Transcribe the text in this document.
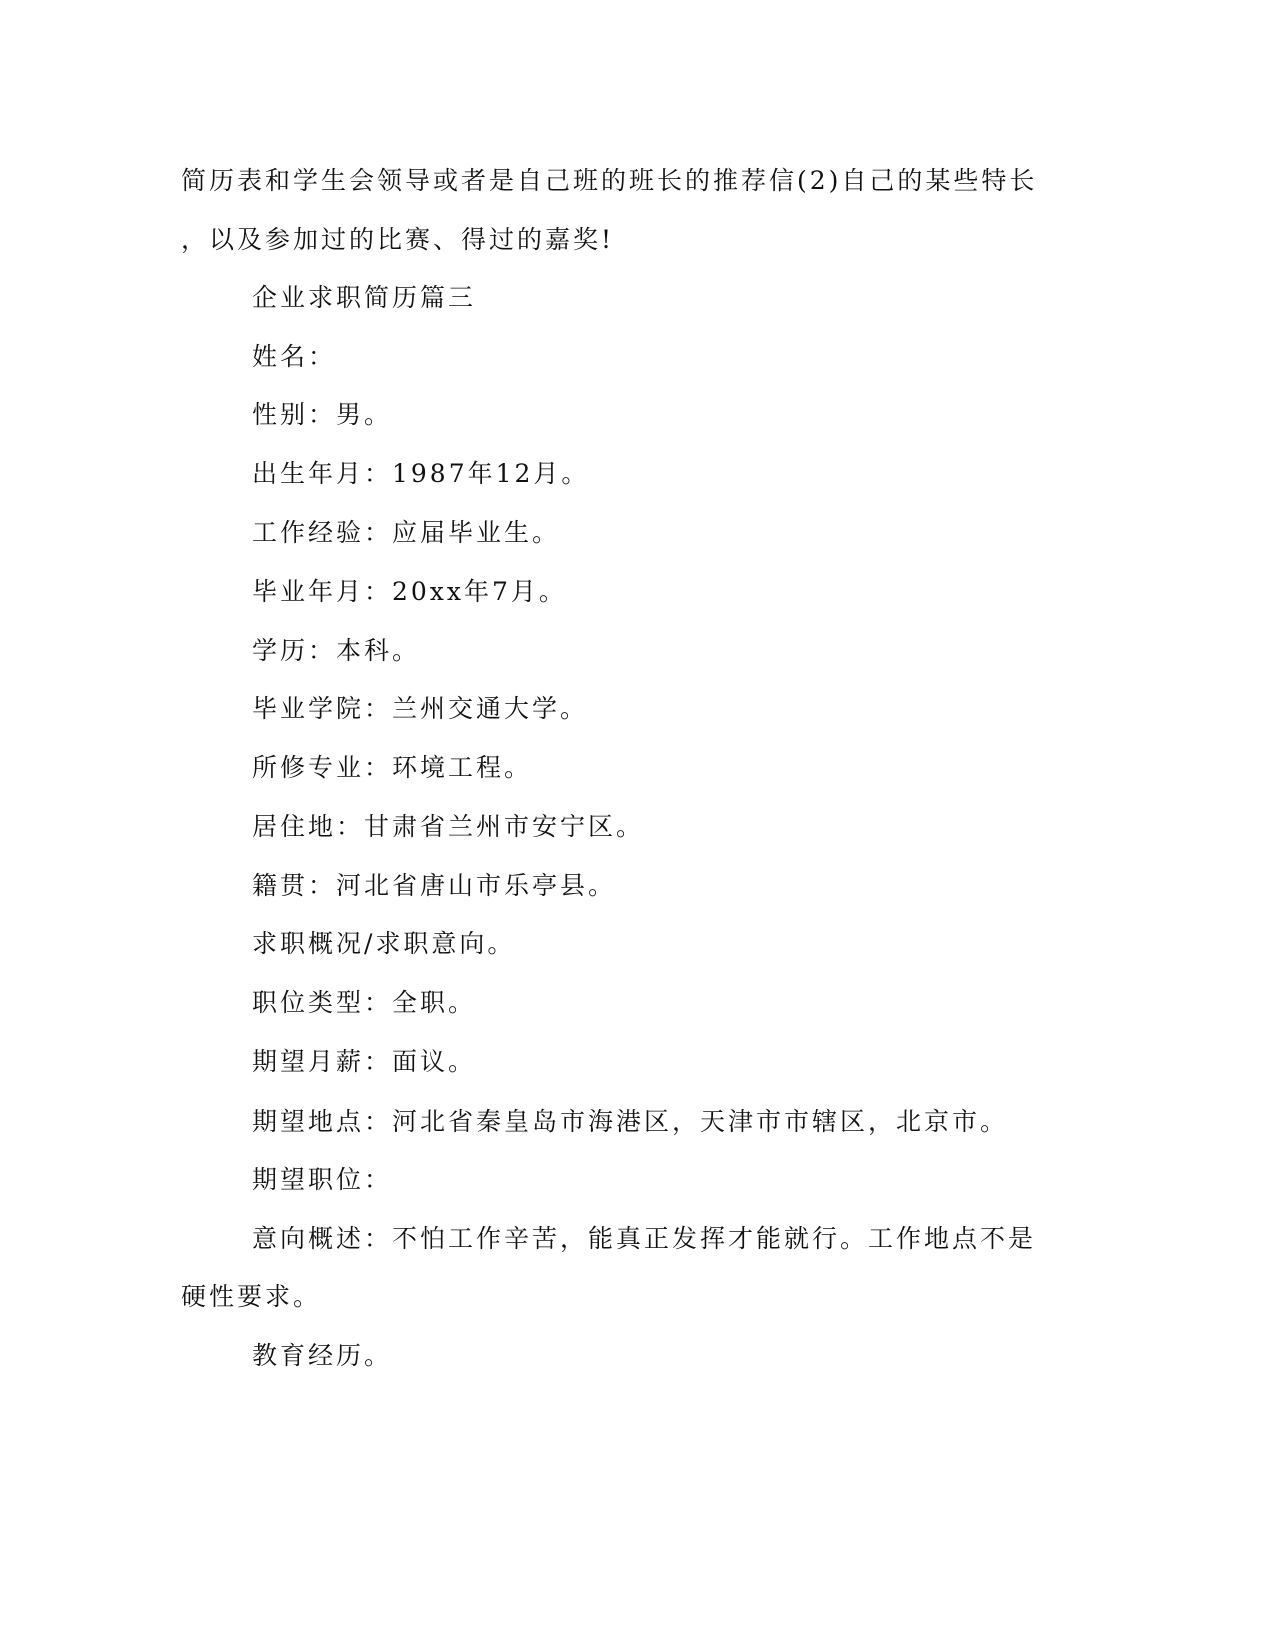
简历表和学生会领导或者是自己班的班长的推荐信(2)自己的某些特长
，以及参加过的比赛、得过的嘉奖!
企业求职简历篇三
姓名：
性别：男。
出生年月：1987年12月。
工作经验：应届毕业生。
毕业年月：20xx年7月。
学历：本科。
毕业学院：兰州交通大学。
所修专业：环境工程。
居住地：甘肃省兰州市安宁区。
籍贯：河北省唐山市乐亭县。
求职概况/求职意向。
职位类型：全职。
期望月薪：面议。
期望地点：河北省秦皇岛市海港区，天津市市辖区，北京市。
期望职位：
意向概述：不怕工作辛苦，能真正发挥才能就行。工作地点不是
硬性要求。
教育经历。
